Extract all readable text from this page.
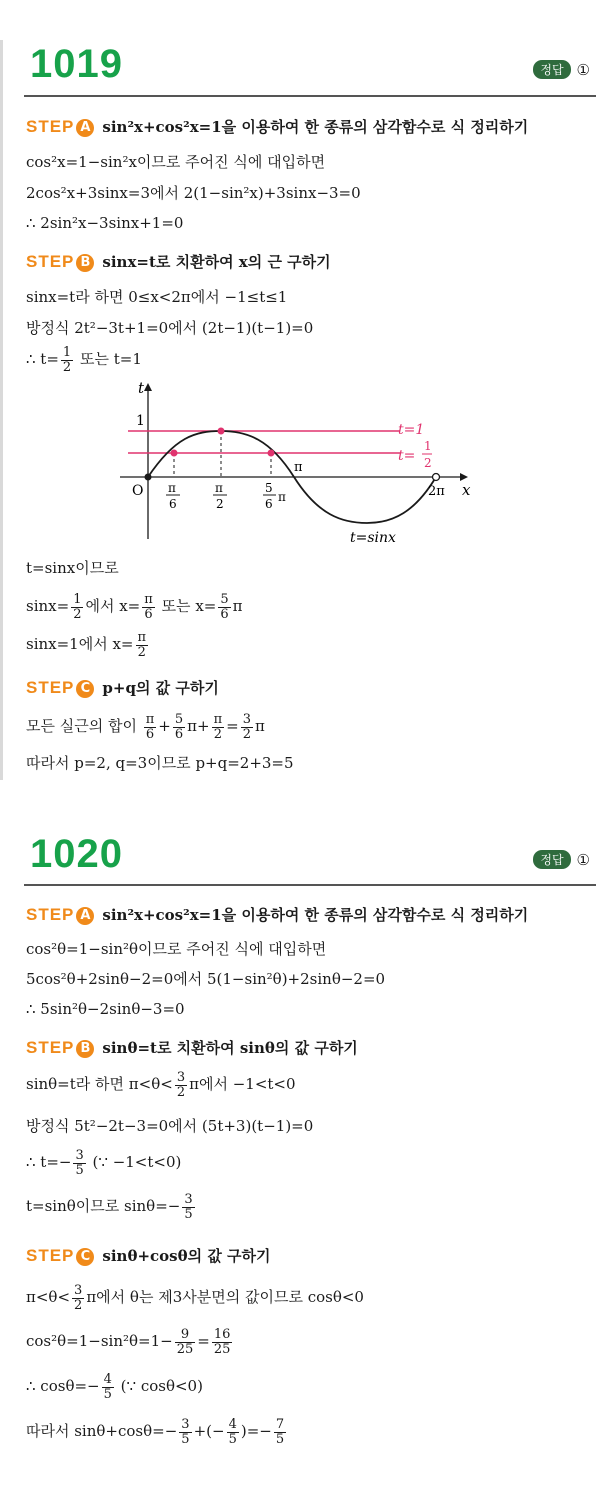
1019	정답 ①
STEP A sin²x+cos²x=1을 이용하여 한 종류의 삼각함수로 식 정리하기
cos²x=1−sin²x이므로 주어진 식에 대입하면
2cos²x+3sinx=3에서 2(1−sin²x)+3sinx−3=0
∴ 2sin²x−3sinx+1=0
STEP B sinx=t로 치환하여 x의 근 구하기
sinx=t라 하면 0≤x<2π에서 −1≤t≤1
방정식 2t²−3t+1=0에서 (2t−1)(t−1)=0
∴ $t= \frac{1}{2}$ 또는 t=1
t
x
O
1
t=1
t=
1
2
π
6
π
2
5
6 π
π
2π
t=sinx
t=sinx이므로
$\sin x= \frac{1}{2}$ 에서 $x= \frac{\pi}{6}$ 또는 $x= \frac{5}{6}$ π
sinx=1에서 $x= \frac{\pi}{2}$
STEP C p+q의 값 구하기
모든 실근의 합이 $\frac{\pi}{6} + \frac{5}{6} \pi+ \frac{\pi}{2} = \frac{3}{2}$ π
따라서 p=2, q=3이므로 p+q=2+3=5
1020	정답 ①
STEP A sin²x+cos²x=1을 이용하여 한 종류의 삼각함수로 식 정리하기
cos²θ=1−sin²θ이므로 주어진 식에 대입하면
5cos²θ+2sinθ−2=0에서 5(1−sin²θ)+2sinθ−2=0
∴ 5sin²θ−2sinθ−3=0
STEP B sinθ=t로 치환하여 sinθ의 값 구하기
sinθ=t라 하면 $\pi<\theta< \frac{3}{2}$ π에서 −1<t<0
방정식 5t²−2t−3=0에서 (5t+3)(t−1)=0
∴ $t=- \frac{3}{5}$ (∵ −1<t<0)
t=sinθ이므로 $\sin\theta=- \frac{3}{5}$
STEP C sinθ+cosθ의 값 구하기
$\pi<\theta< \frac{3}{2}$ π에서 θ는 제3사분면의 값이므로 cosθ<0
$\cos^2\theta=1-\sin^2\theta=1- \frac{9}{25} = \frac{16}{25}$
∴ $\cos\theta=- \frac{4}{5}$ (∵ cosθ<0)
따라서 $\sin\theta+\cos\theta=- \frac{3}{5}$ +(− $\frac{4}{5}$ )=− $\frac{7}{5}$
